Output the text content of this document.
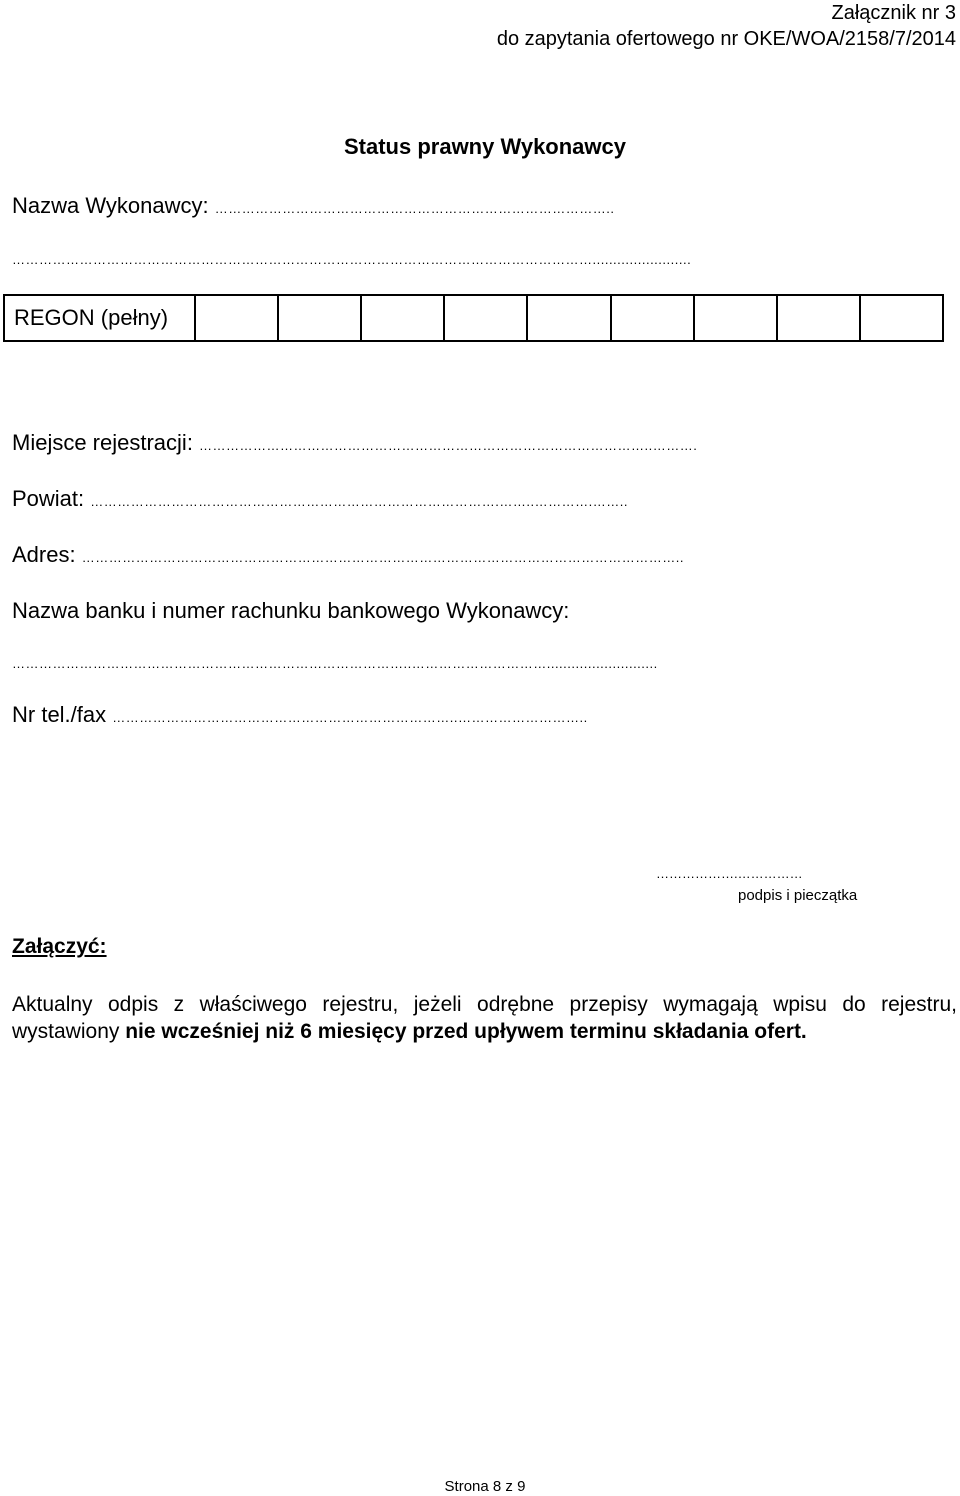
Załącznik nr 3
do zapytania ofertowego nr OKE/WOA/2158/7/2014
Status prawny Wykonawcy
Nazwa Wykonawcy: ……………………………………………………………………………..
…………………………………………………………………………………………………………………........................
REGON (pełny)
Miejsce rejestracji: ………………………………………………………………………………………..……….
Powiat: ……………………………………………………………………………….……..………….……..
Adres: ……………………………………………………………………………………………………………………..
Nazwa banku i numer rachunku bankowego Wykonawcy:
……………………………………………………………………………..…………………………...........................
Nr tel./fax …………………………………………………………………..………………………..
……………….……………
podpis i pieczątka
Załączyć:
Aktualny odpis z właściwego rejestru, jeżeli odrębne przepisy wymagają wpisu do rejestru, wystawiony nie wcześniej niż 6 miesięcy przed upływem terminu składania ofert.
Strona 8 z 9
